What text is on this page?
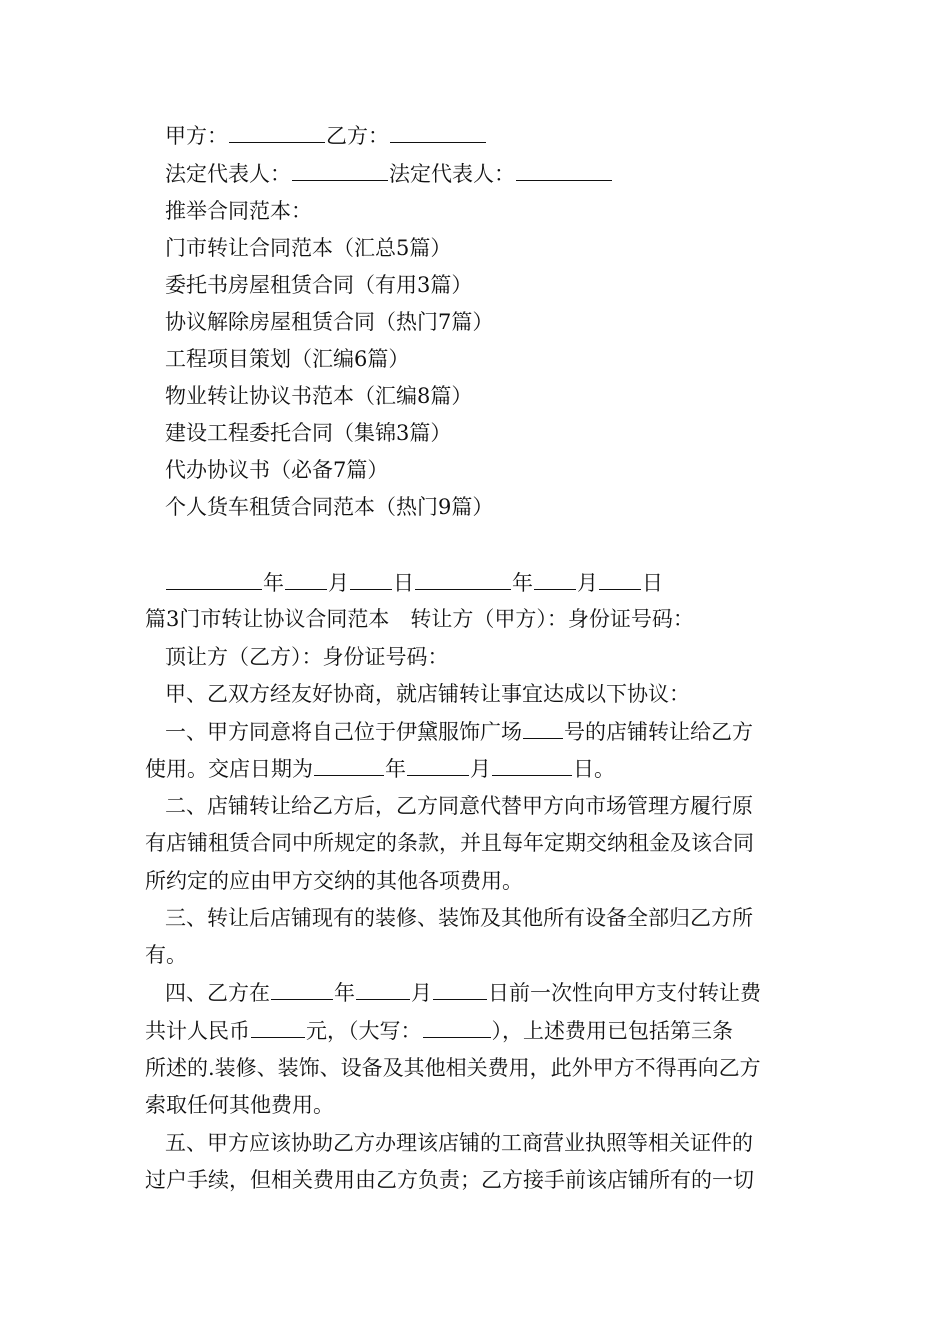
甲方：	乙方：
法定代表人：	法定代表人：
推举合同范本：
门市转让合同范本（汇总5篇）
委托书房屋租赁合同（有用3篇）
协议解除房屋租赁合同（热门7篇）
工程项目策划（汇编6篇）
物业转让协议书范本（汇编8篇）
建设工程委托合同（集锦3篇）
代办协议书（必备7篇）
个人货车租赁合同范本（热门9篇）
年 月 日	年 月 日
篇3门市转让协议合同范本　转让方（甲方）：身份证号码：
顶让方（乙方）：身份证号码：
甲、乙双方经友好协商，就店铺转让事宜达成以下协议：
一、甲方同意将自己位于伊黛服饰广场 号的店铺转让给乙方
使用。交店日期为	年	月	日。
二、店铺转让给乙方后，乙方同意代替甲方向市场管理方履行原
有店铺租赁合同中所规定的条款，并且每年定期交纳租金及该合同
所约定的应由甲方交纳的其他各项费用。
三、转让后店铺现有的装修、装饰及其他所有设备全部归乙方所
有。
四、乙方在	年	月	日前一次性向甲方支付转让费
共计人民币	元，（大写：	），上述费用已包括第三条
所述的.装修、装饰、设备及其他相关费用，此外甲方不得再向乙方
索取任何其他费用。
五、甲方应该协助乙方办理该店铺的工商营业执照等相关证件的
过户手续，但相关费用由乙方负责；乙方接手前该店铺所有的一切
